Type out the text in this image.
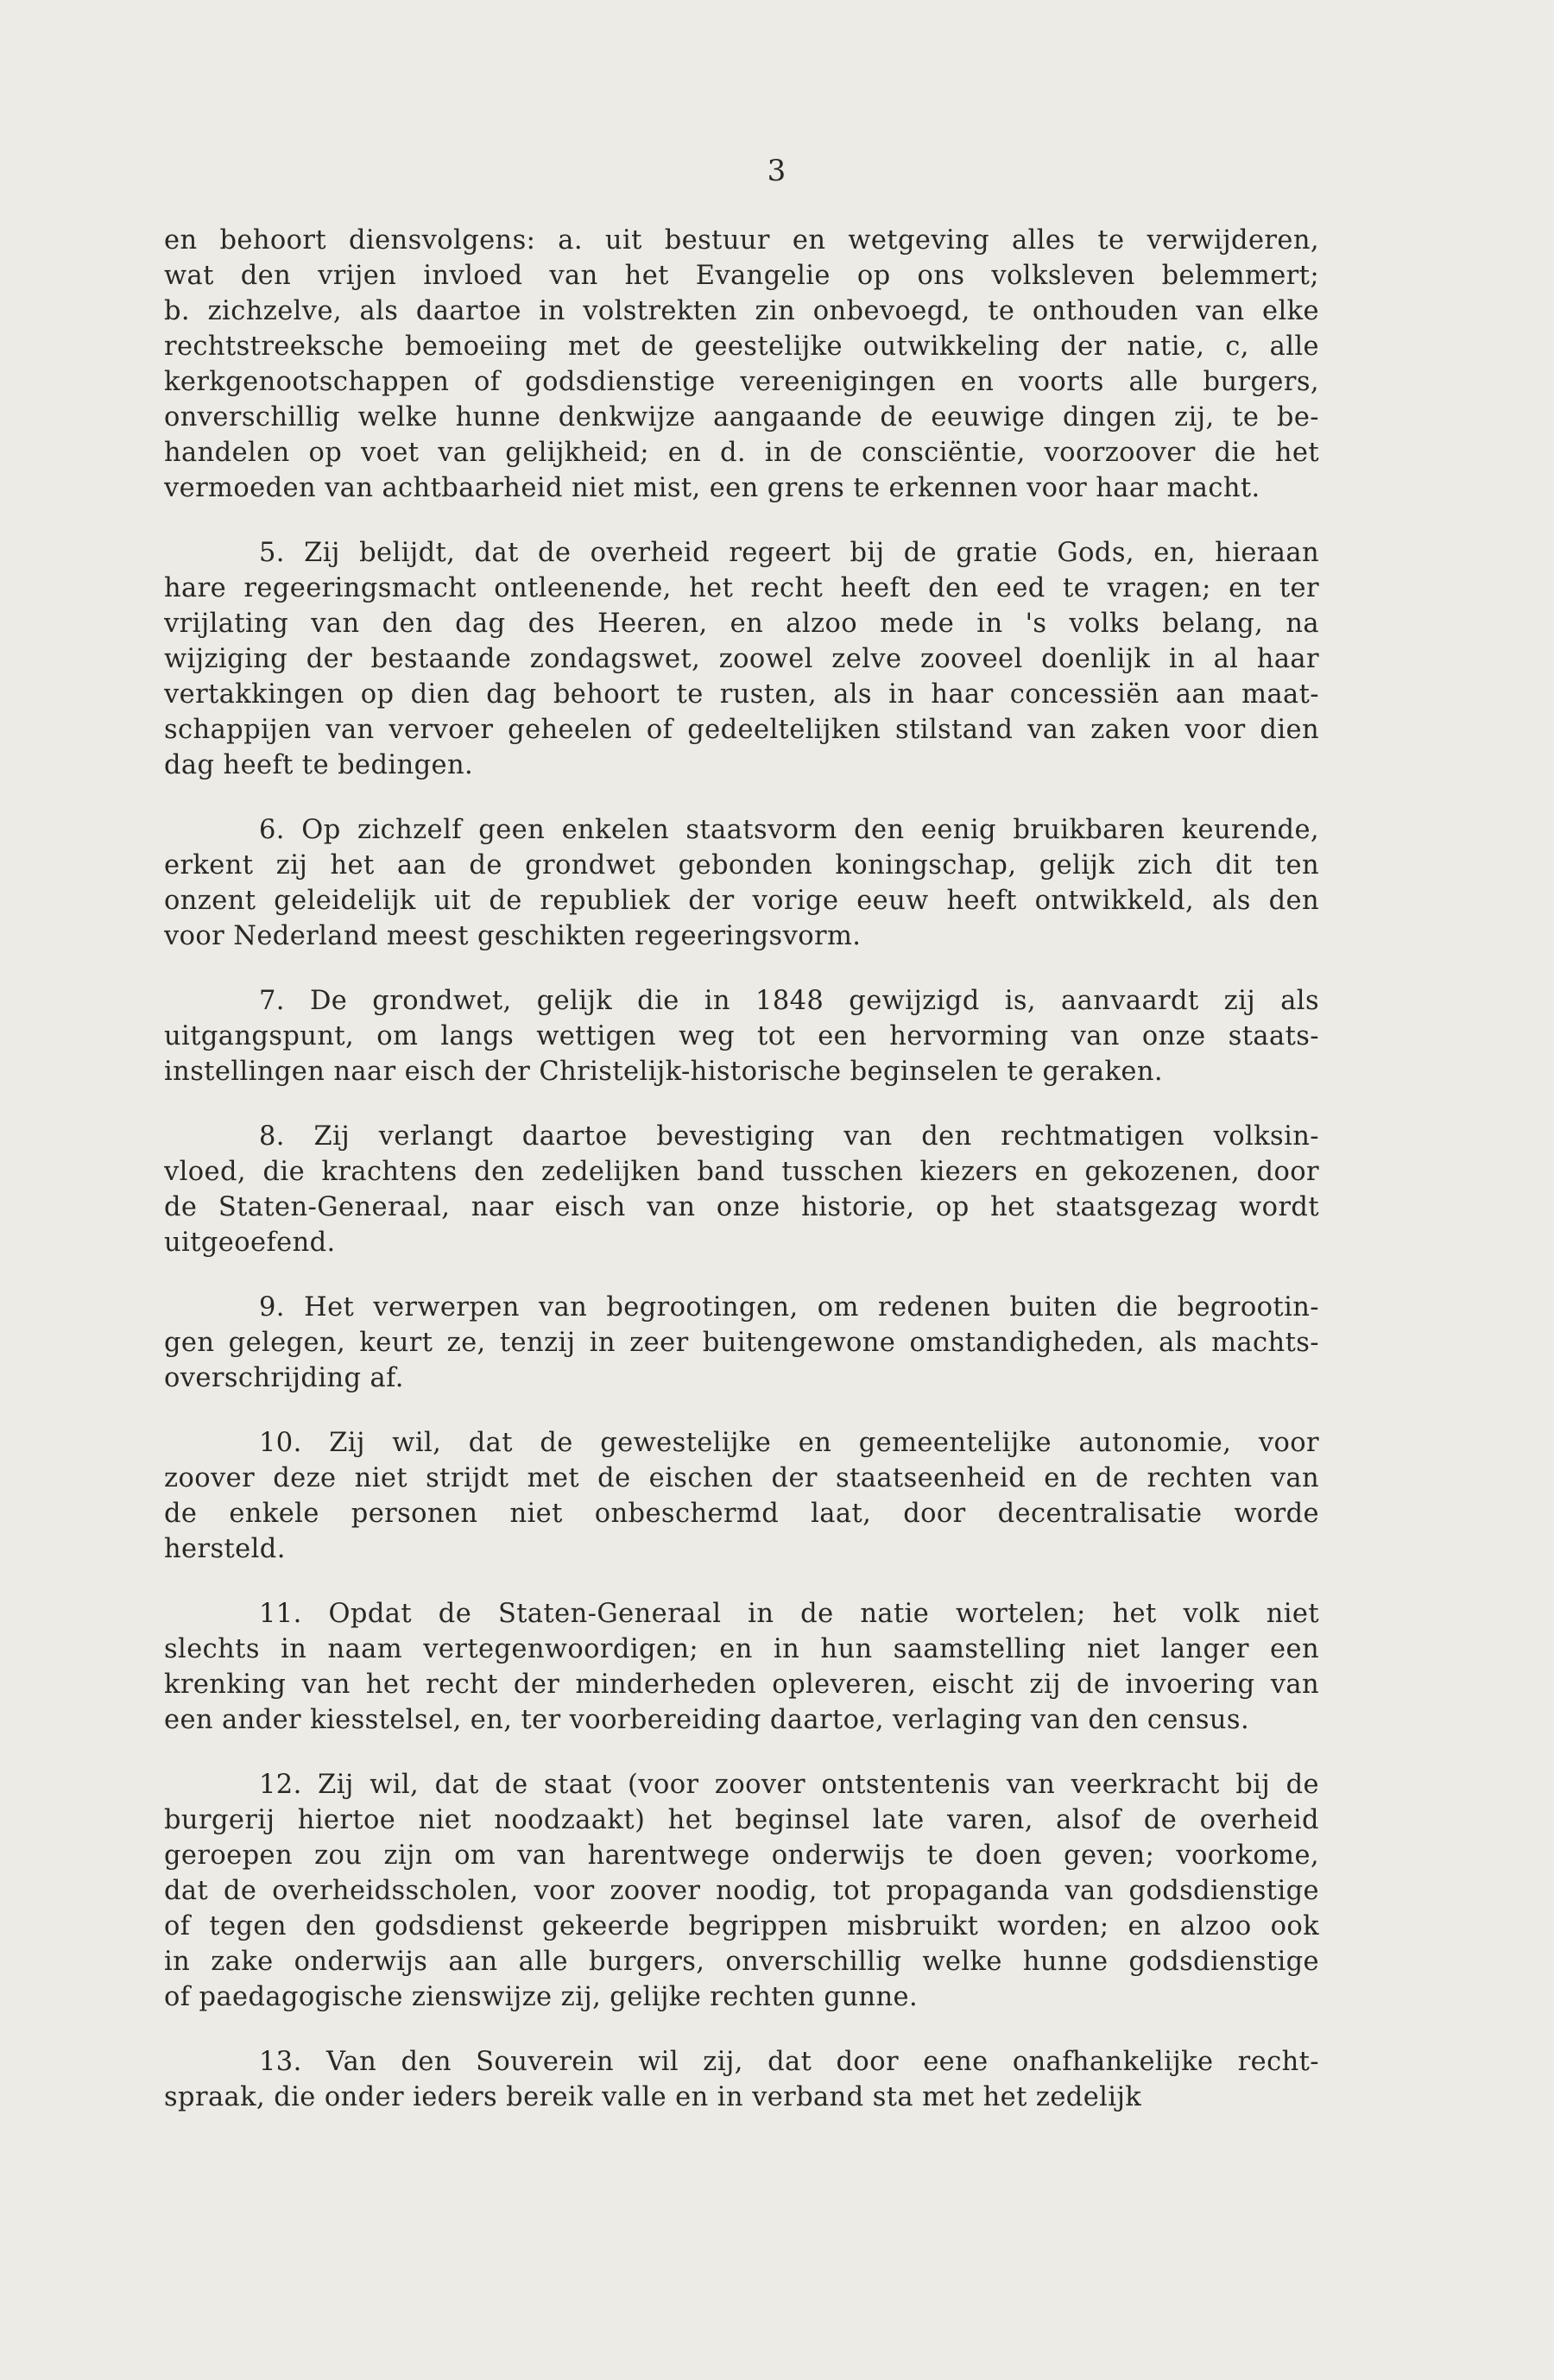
3
en behoort diensvolgens: a. uit bestuur en wetgeving alles te verwijderen,
wat den vrijen invloed van het Evangelie op ons volksleven belemmert;
b. zichzelve, als daartoe in volstrekten zin onbevoegd, te onthouden van elke
rechtstreeksche bemoeiing met de geestelijke outwikkeling der natie, c, alle
kerkgenootschappen of godsdienstige vereenigingen en voorts alle burgers,
onverschillig welke hunne denkwijze aangaande de eeuwige dingen zij, te be-
handelen op voet van gelijkheid; en d. in de consciëntie, voorzoover die het
vermoeden van achtbaarheid niet mist, een grens te erkennen voor haar macht.
5. Zij belijdt, dat de overheid regeert bij de gratie Gods, en, hieraan
hare regeeringsmacht ontleenende, het recht heeft den eed te vragen; en ter
vrijlating van den dag des Heeren, en alzoo mede in 's volks belang, na
wijziging der bestaande zondagswet, zoowel zelve zooveel doenlijk in al haar
vertakkingen op dien dag behoort te rusten, als in haar concessiën aan maat-
schappijen van vervoer geheelen of gedeeltelijken stilstand van zaken voor dien
dag heeft te bedingen.
6. Op zichzelf geen enkelen staatsvorm den eenig bruikbaren keurende,
erkent zij het aan de grondwet gebonden koningschap, gelijk zich dit ten
onzent geleidelijk uit de republiek der vorige eeuw heeft ontwikkeld, als den
voor Nederland meest geschikten regeeringsvorm.
7. De grondwet, gelijk die in 1848 gewijzigd is, aanvaardt zij als
uitgangspunt, om langs wettigen weg tot een hervorming van onze staats-
instellingen naar eisch der Christelijk-historische beginselen te geraken.
8. Zij verlangt daartoe bevestiging van den rechtmatigen volksin-
vloed, die krachtens den zedelijken band tusschen kiezers en gekozenen, door
de Staten-Generaal, naar eisch van onze historie, op het staatsgezag wordt
uitgeoefend.
9. Het verwerpen van begrootingen, om redenen buiten die begrootin-
gen gelegen, keurt ze, tenzij in zeer buitengewone omstandigheden, als machts-
overschrijding af.
10. Zij wil, dat de gewestelijke en gemeentelijke autonomie, voor
zoover deze niet strijdt met de eischen der staatseenheid en de rechten van
de enkele personen niet onbeschermd laat, door decentralisatie worde
hersteld.
11. Opdat de Staten-Generaal in de natie wortelen; het volk niet
slechts in naam vertegenwoordigen; en in hun saamstelling niet langer een
krenking van het recht der minderheden opleveren, eischt zij de invoering van
een ander kiesstelsel, en, ter voorbereiding daartoe, verlaging van den census.
12. Zij wil, dat de staat (voor zoover ontstentenis van veerkracht bij de
burgerij hiertoe niet noodzaakt) het beginsel late varen, alsof de overheid
geroepen zou zijn om van harentwege onderwijs te doen geven; voorkome,
dat de overheidsscholen, voor zoover noodig, tot propaganda van godsdienstige
of tegen den godsdienst gekeerde begrippen misbruikt worden; en alzoo ook
in zake onderwijs aan alle burgers, onverschillig welke hunne godsdienstige
of paedagogische zienswijze zij, gelijke rechten gunne.
13. Van den Souverein wil zij, dat door eene onafhankelijke recht-
spraak, die onder ieders bereik valle en in verband sta met het zedelijk
